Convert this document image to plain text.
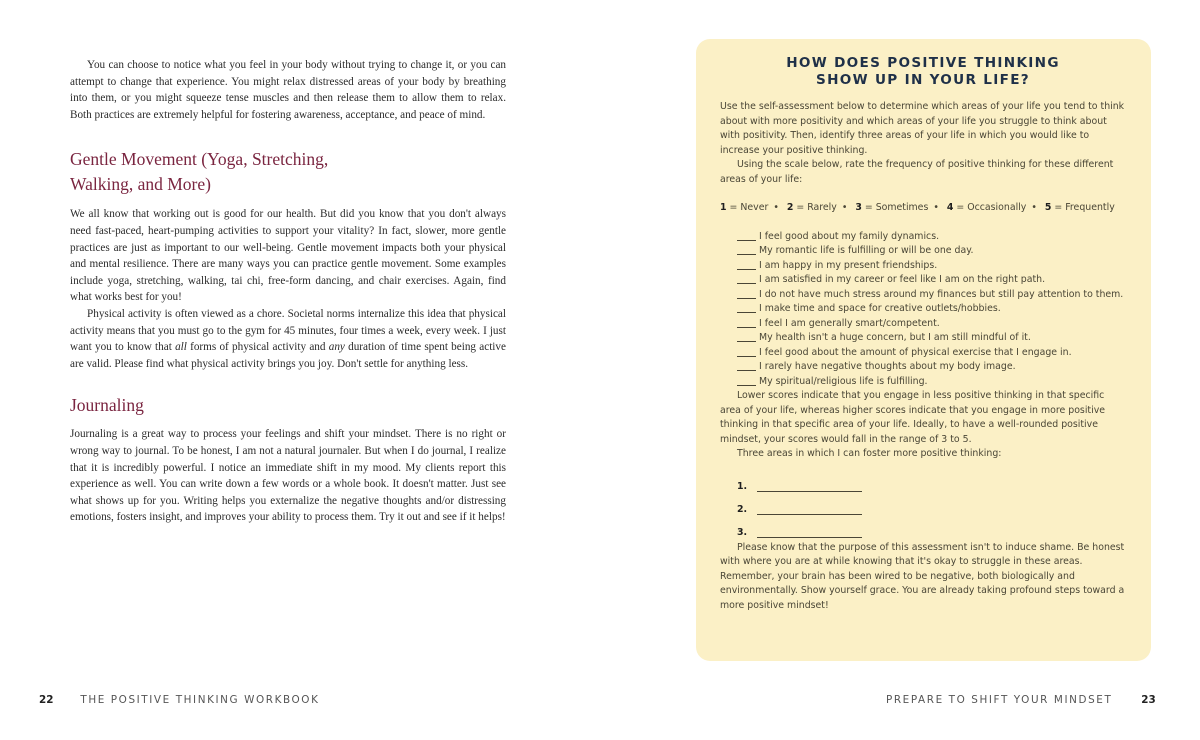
You can choose to notice what you feel in your body without trying to change it, or you can attempt to change that experience. You might relax distressed areas of your body by breathing into them, or you might squeeze tense muscles and then release them to allow them to relax. Both practices are extremely helpful for fostering awareness, acceptance, and peace of mind.

Gentle Movement (Yoga, Stretching, Walking, and More)

We all know that working out is good for our health. But did you know that you don't always need fast-paced, heart-pumping activities to support your vitality? In fact, slower, more gentle practices are just as important to our well-being. Gentle movement impacts both your physical and mental resilience. There are many ways you can practice gentle movement. Some examples include yoga, stretching, walking, tai chi, free-form dancing, and chair exercises. Again, find what works best for you!

Physical activity is often viewed as a chore. Societal norms internalize this idea that physical activity means that you must go to the gym for 45 minutes, four times a week, every week. I just want you to know that all forms of physical activity and any duration of time spent being active are valid. Please find what physical activity brings you joy. Don't settle for anything less.

Journaling

Journaling is a great way to process your feelings and shift your mindset. There is no right or wrong way to journal. To be honest, I am not a natural journaler. But when I do journal, I realize that it is incredibly powerful. I notice an immediate shift in my mood. My clients report this experience as well. You can write down a few words or a whole book. It doesn't matter. Just see what shows up for you. Writing helps you externalize the negative thoughts and/or distressing emotions, fosters insight, and improves your ability to process them. Try it out and see if it helps!

22	THE POSITIVE THINKING WORKBOOK
HOW DOES POSITIVE THINKING
SHOW UP IN YOUR LIFE?

Use the self-assessment below to determine which areas of your life you tend to think about with more positivity and which areas of your life you struggle to think about with positivity. Then, identify three areas of your life in which you would like to increase your positive thinking.

Using the scale below, rate the frequency of positive thinking for these different areas of your life:

1 = Never • 2 = Rarely • 3 = Sometimes • 4 = Occasionally • 5 = Frequently
I feel good about my family dynamics.
My romantic life is fulfilling or will be one day.
I am happy in my present friendships.
I am satisfied in my career or feel like I am on the right path.
I do not have much stress around my finances but still pay attention to them.
I make time and space for creative outlets/hobbies.
I feel I am generally smart/competent.
My health isn't a huge concern, but I am still mindful of it.
I feel good about the amount of physical exercise that I engage in.
I rarely have negative thoughts about my body image.
My spiritual/religious life is fulfilling.

Lower scores indicate that you engage in less positive thinking in that specific area of your life, whereas higher scores indicate that you engage in more positive thinking in that specific area of your life. Ideally, to have a well-rounded positive mindset, your scores would fall in the range of 3 to 5.

Three areas in which I can foster more positive thinking:

1.
2.
3.

Please know that the purpose of this assessment isn't to induce shame. Be honest with where you are at while knowing that it's okay to struggle in these areas. Remember, your brain has been wired to be negative, both biologically and environmentally. Show yourself grace. You are already taking profound steps toward a more positive mindset!

PREPARE TO SHIFT YOUR MINDSET	23
